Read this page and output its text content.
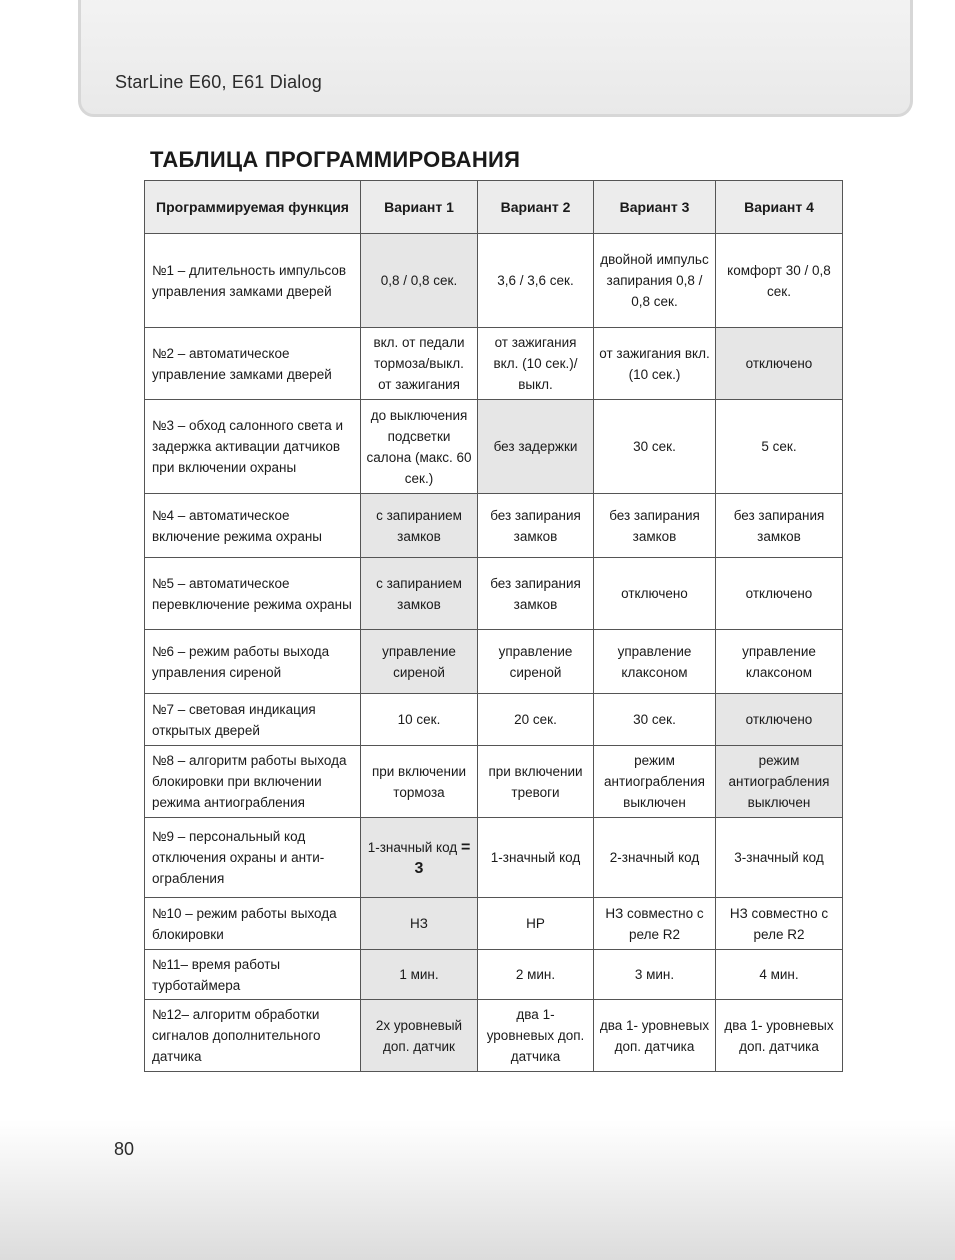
StarLine E60, E61 Dialog
ТАБЛИЦА ПРОГРАММИРОВАНИЯ
Программируемая функция	Вариант 1	Вариант 2	Вариант 3	Вариант 4
№1 – длительность импульсов управления замками дверей	0,8 / 0,8 сек.	3,6 / 3,6 сек.	двойной импульс запирания 0,8 / 0,8 сек.	комфорт 30 / 0,8 сек.
№2 – автоматическое управление замками дверей	вкл. от педали тормоза/выкл. от зажигания	от зажигания вкл. (10 сек.)/выкл.	от зажигания вкл. (10 сек.)	отключено
№3 – обход салонного света и задержка активации датчиков при включении охраны	до выключения подсветки салона (макс. 60 сек.)	без задержки	30 сек.	5 сек.
№4 – автоматическое включение режима охраны	с запиранием замков	без запирания замков	без запирания замков	без запирания замков
№5 – автоматическое перевключение режима охраны	с запиранием замков	без запирания замков	отключено	отключено
№6 – режим работы выхода управления сиреной	управление сиреной	управление сиреной	управление клаксоном	управление клаксоном
№7 – световая индикация открытых дверей	10 сек.	20 сек.	30 сек.	отключено
№8 – алгоритм работы выхода блокировки при включении режима антиограбления	при включении тормоза	при включении тревоги	режим антиограбления выключен	режим антиограбления выключен
№9 – персональный код отключения охраны и анти-ограбления	1-значный код = 3	1-значный код	2-значный код	3-значный код
№10 – режим работы выхода блокировки	НЗ	НР	НЗ совместно с реле R2	НЗ совместно с реле R2
№11– время работы турботаймера	1 мин.	2 мин.	3 мин.	4 мин.
№12– алгоритм обработки сигналов дополнительного датчика	2х уровневый доп. датчик	два 1- уровневых доп. датчика	два 1- уровневых доп. датчика	два 1- уровневых доп. датчика
80
